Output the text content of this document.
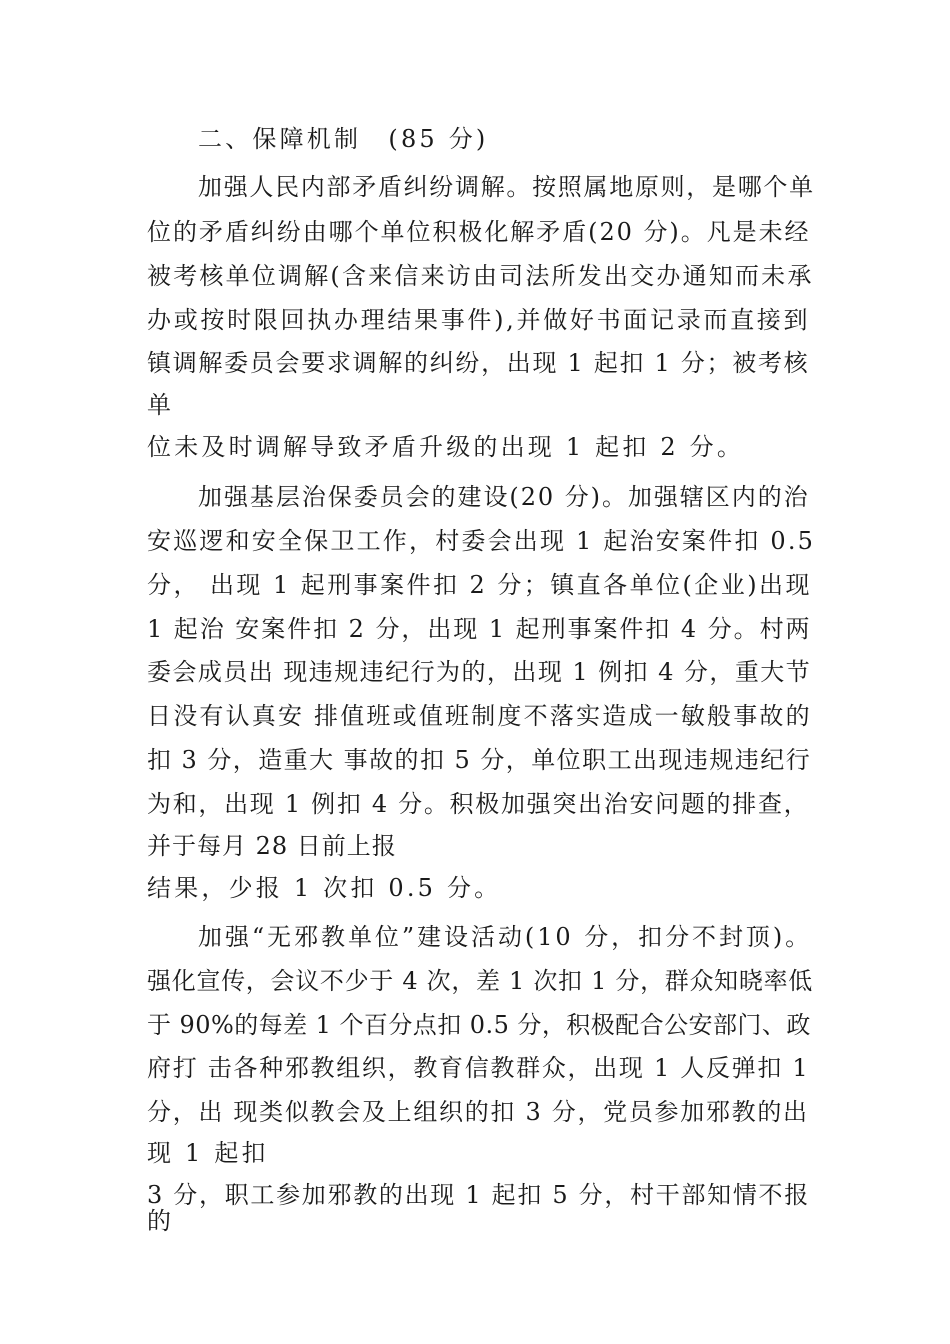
二、保障机制　(85 分)
加强人民内部矛盾纠纷调解。按照属地原则，是哪个单
位的矛盾纠纷由哪个单位积极化解矛盾(20 分)。凡是未经
被考核单位调解(含来信来访由司法所发出交办通知而未承
办或按时限回执办理结果事件),并做好书面记录而直接到
镇调解委员会要求调解的纠纷，出现 1 起扣 1 分；被考核
单
位未及时调解导致矛盾升级的出现 1 起扣 2 分。
加强基层治保委员会的建设(20 分)。加强辖区内的治
安巡逻和安全保卫工作，村委会出现 1 起治安案件扣 0.5
分， 出现 1 起刑事案件扣 2 分；镇直各单位(企业)出现
1 起治 安案件扣 2 分，出现 1 起刑事案件扣 4 分。村两
委会成员出 现违规违纪行为的，出现 1 例扣 4 分，重大节
日没有认真安 排值班或值班制度不落实造成一敏般事故的
扣 3 分，造重大 事故的扣 5 分，单位职工出现违规违纪行
为和，出现 1 例扣 4 分。积极加强突出治安问题的排查，
并于每月 28 日前上报
结果，少报 1 次扣 0.5 分。
加强“无邪教单位”建设活动(10 分，扣分不封顶)。
强化宣传，会议不少于 4 次，差 1 次扣 1 分，群众知晓率低
于 90%的每差 1 个百分点扣 0.5 分，积极配合公安部门、政
府打 击各种邪教组织，教育信教群众，出现 1 人反弹扣 1
分，出 现类似教会及上组织的扣 3 分，党员参加邪教的出
现 1 起扣
3 分，职工参加邪教的出现 1 起扣 5 分，村干部知情不报
的
